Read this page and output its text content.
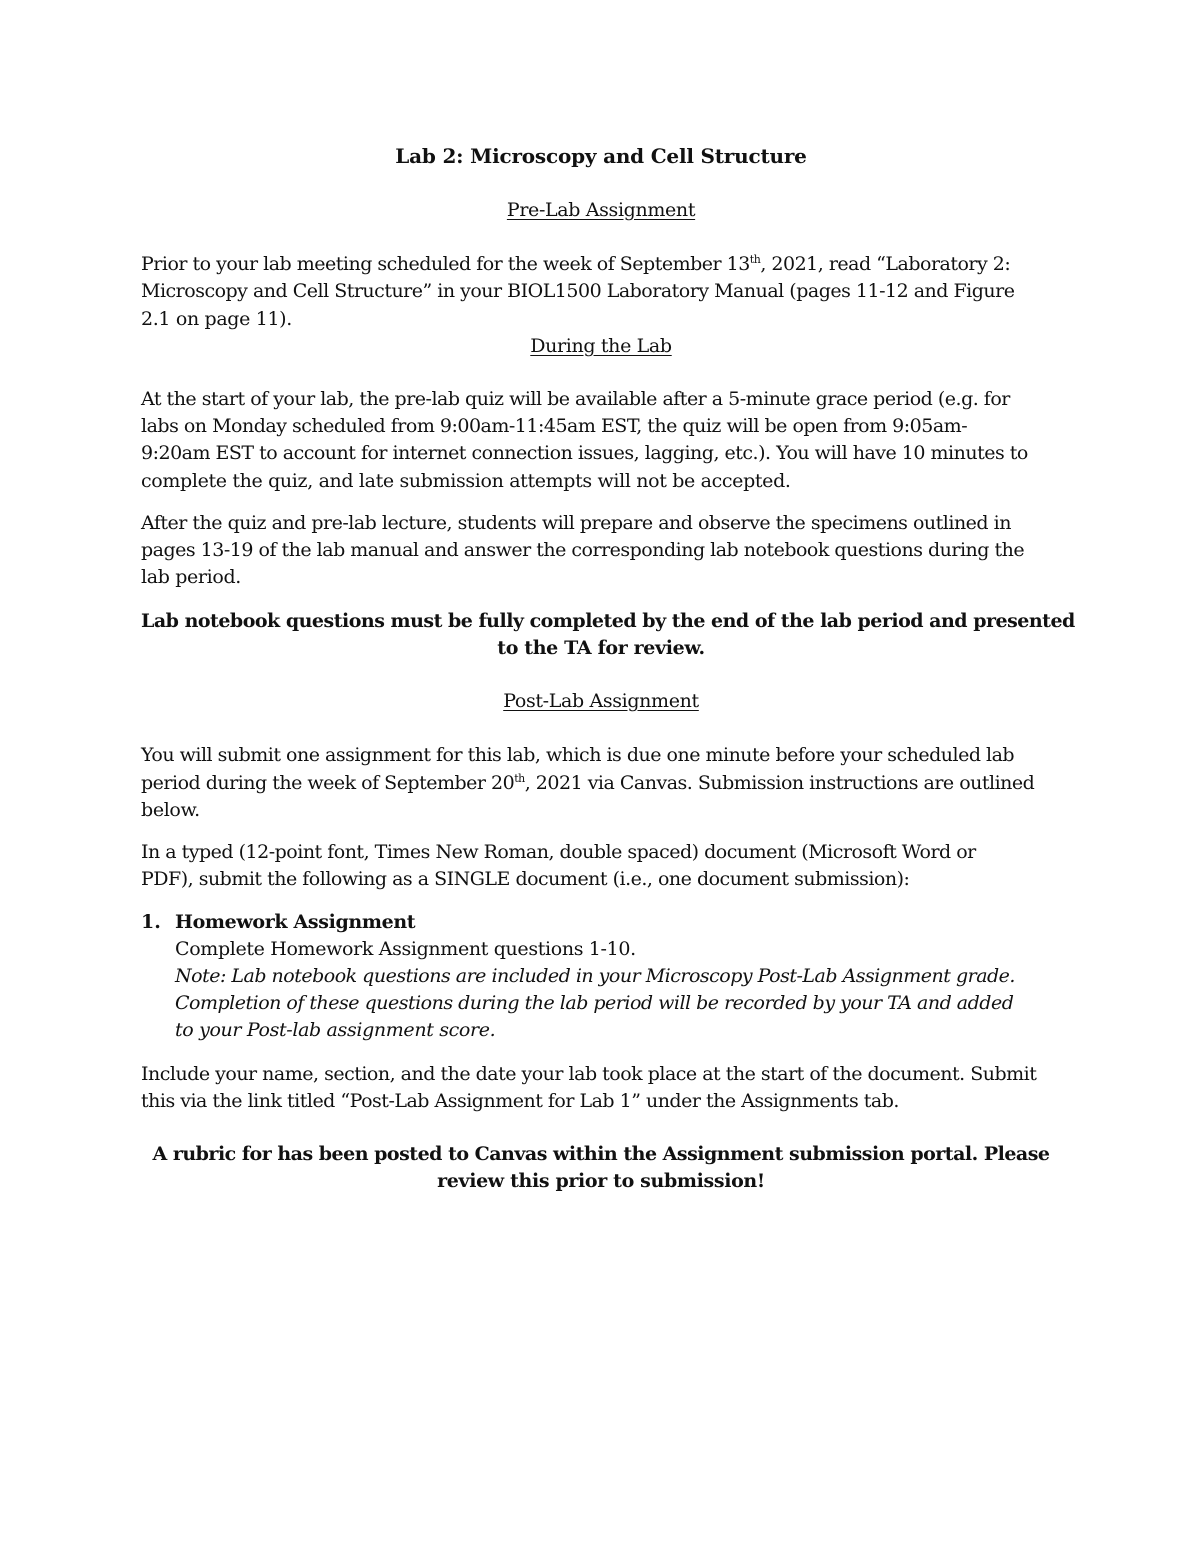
Lab 2: Microscopy and Cell Structure
Pre-Lab Assignment
Prior to your lab meeting scheduled for the week of September 13th, 2021, read “Laboratory 2:
Microscopy and Cell Structure” in your BIOL1500 Laboratory Manual (pages 11-12 and Figure
2.1 on page 11).
During the Lab
At the start of your lab, the pre-lab quiz will be available after a 5-minute grace period (e.g. for
labs on Monday scheduled from 9:00am-11:45am EST, the quiz will be open from 9:05am-
9:20am EST to account for internet connection issues, lagging, etc.). You will have 10 minutes to
complete the quiz, and late submission attempts will not be accepted.
After the quiz and pre-lab lecture, students will prepare and observe the specimens outlined in
pages 13-19 of the lab manual and answer the corresponding lab notebook questions during the
lab period.
Lab notebook questions must be fully completed by the end of the lab period and presented
to the TA for review.
Post-Lab Assignment
You will submit one assignment for this lab, which is due one minute before your scheduled lab
period during the week of September 20th, 2021 via Canvas. Submission instructions are outlined
below.
In a typed (12-point font, Times New Roman, double spaced) document (Microsoft Word or
PDF), submit the following as a SINGLE document (i.e., one document submission):
1. Homework Assignment
Complete Homework Assignment questions 1-10.
Note: Lab notebook questions are included in your Microscopy Post-Lab Assignment grade.
Completion of these questions during the lab period will be recorded by your TA and added
to your Post-lab assignment score.
Include your name, section, and the date your lab took place at the start of the document. Submit
this via the link titled “Post-Lab Assignment for Lab 1” under the Assignments tab.
A rubric for has been posted to Canvas within the Assignment submission portal. Please
review this prior to submission!
